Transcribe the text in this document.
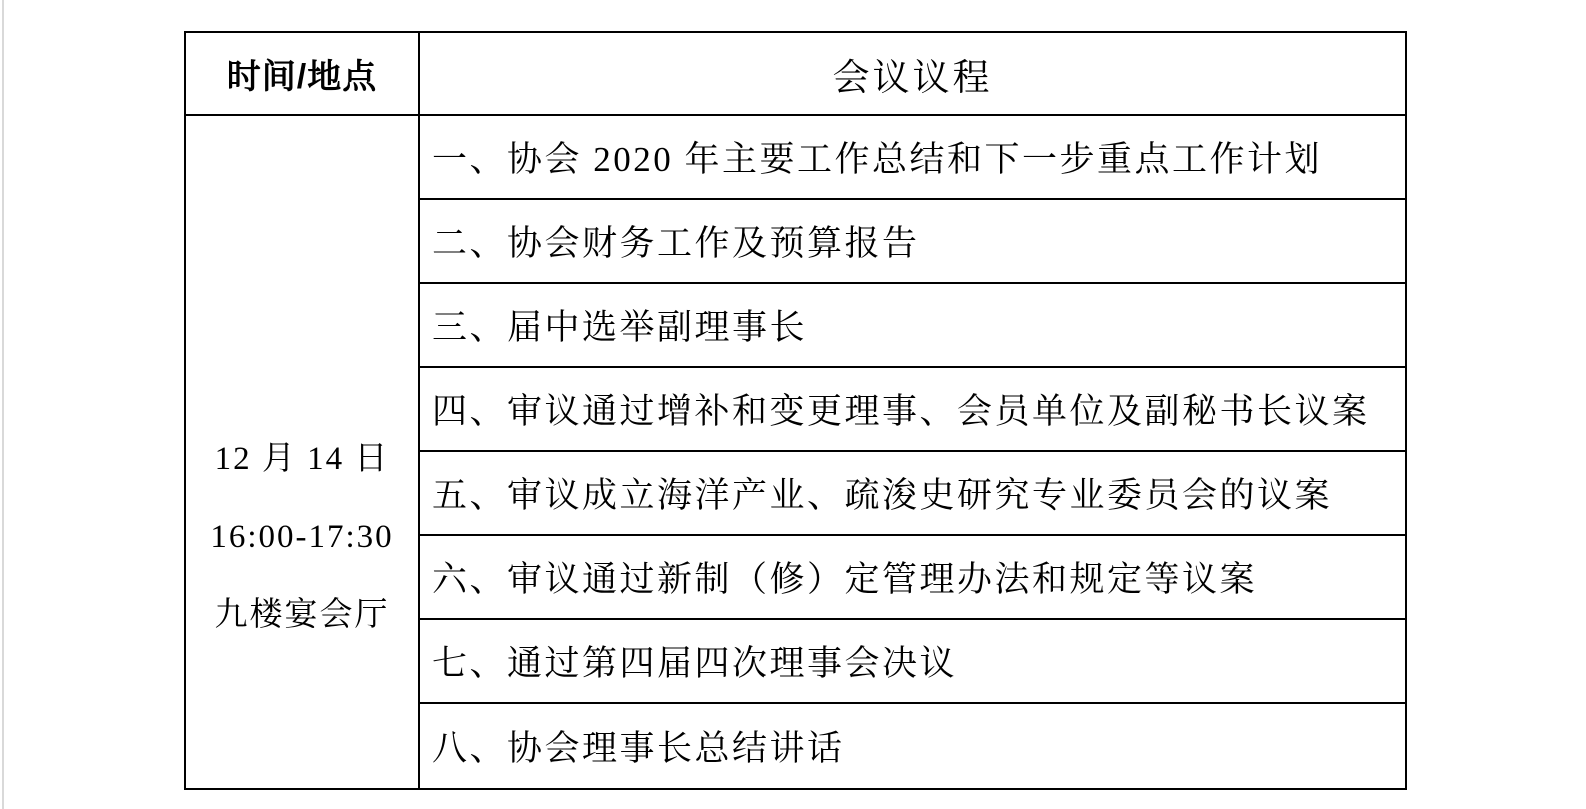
时间/地点	会议议程
12 月 14 日
16:00-17:30
九楼宴会厅
一、协会 2020 年主要工作总结和下一步重点工作计划
二、协会财务工作及预算报告
三、届中选举副理事长
四、审议通过增补和变更理事、会员单位及副秘书长议案
五、审议成立海洋产业、疏浚史研究专业委员会的议案
六、审议通过新制（修）定管理办法和规定等议案
七、通过第四届四次理事会决议
八、协会理事长总结讲话
